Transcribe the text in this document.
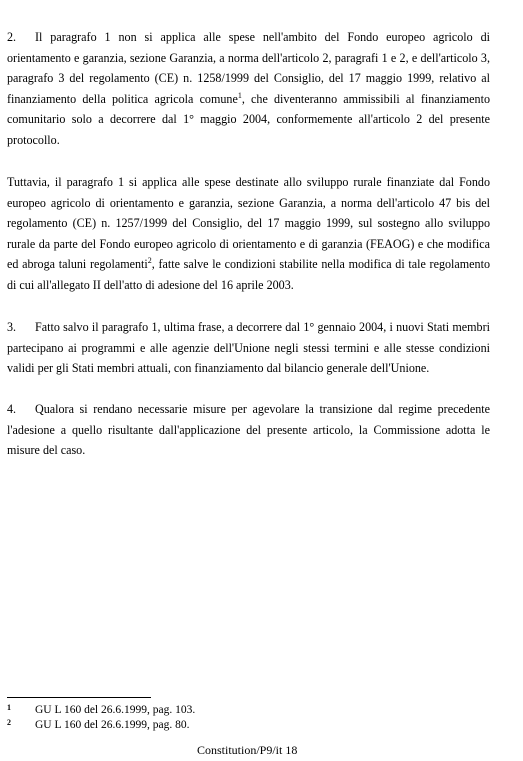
2. Il paragrafo 1 non si applica alle spese nell'ambito del Fondo europeo agricolo di orientamento e garanzia, sezione Garanzia, a norma dell'articolo 2, paragrafi 1 e 2, e dell'articolo 3, paragrafo 3 del regolamento (CE) n. 1258/1999 del Consiglio, del 17 maggio 1999, relativo al finanziamento della politica agricola comune$^1$, che diventeranno ammissibili al finanziamento comunitario solo a decorrere dal 1° maggio 2004, conformemente all'articolo 2 del presente protocollo.

Tuttavia, il paragrafo 1 si applica alle spese destinate allo sviluppo rurale finanziate dal Fondo europeo agricolo di orientamento e garanzia, sezione Garanzia, a norma dell'articolo 47 bis del regolamento (CE) n. 1257/1999 del Consiglio, del 17 maggio 1999, sul sostegno allo sviluppo rurale da parte del Fondo europeo agricolo di orientamento e di garanzia (FEAOG) e che modifica ed abroga taluni regolamenti$^2$, fatte salve le condizioni stabilite nella modifica di tale regolamento di cui all'allegato II dell'atto di adesione del 16 aprile 2003.

3. Fatto salvo il paragrafo 1, ultima frase, a decorrere dal 1° gennaio 2004, i nuovi Stati membri partecipano ai programmi e alle agenzie dell'Unione negli stessi termini e alle stesse condizioni validi per gli Stati membri attuali, con finanziamento dal bilancio generale dell'Unione.

4. Qualora si rendano necessarie misure per agevolare la transizione dal regime precedente l'adesione a quello risultante dall'applicazione del presente articolo, la Commissione adotta le misure del caso.

1 GU L 160 del 26.6.1999, pag. 103.

2 GU L 160 del 26.6.1999, pag. 80.

Constitution/P9/it 18
